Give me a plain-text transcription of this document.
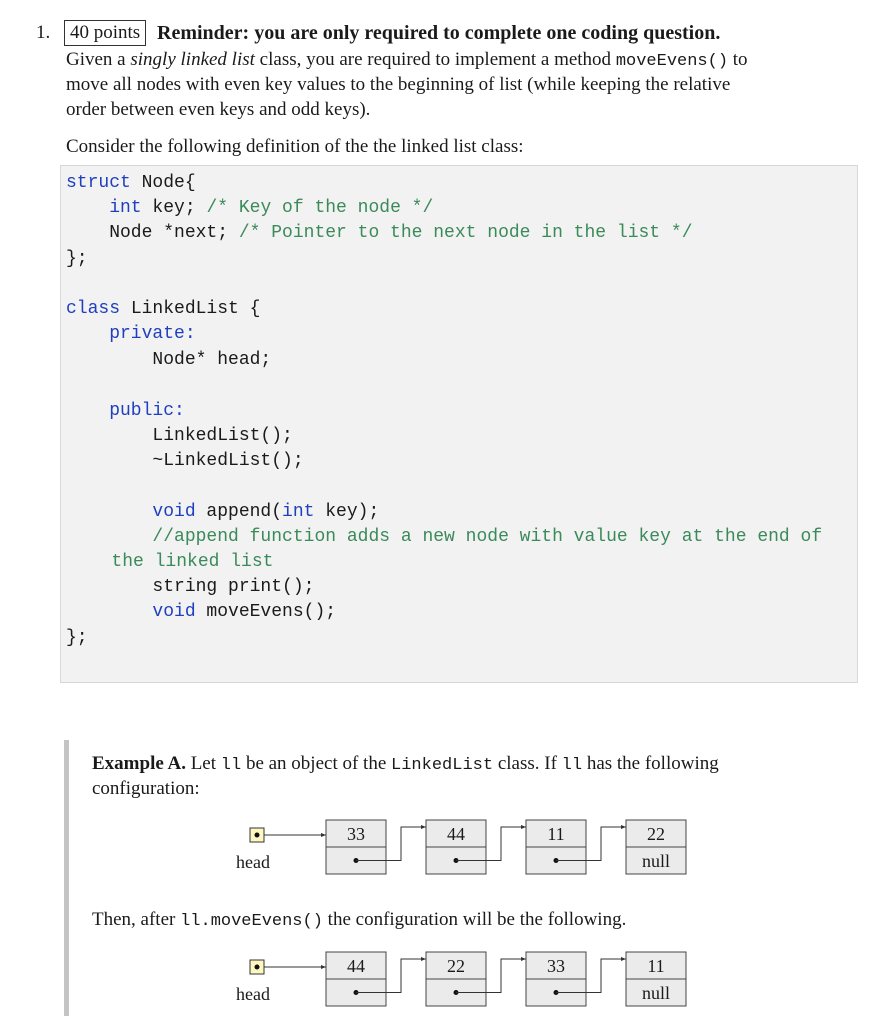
1.	40 points Reminder: you are only required to complete one coding question.
Given a singly linked list class, you are required to implement a method moveEvens() to
move all nodes with even key values to the beginning of list (while keeping the relative
order between even keys and odd keys).
Consider the following definition of the the linked list class:
struct Node{
int key; /* Key of the node */
Node *next; /* Pointer to the next node in the list */
};
class LinkedList {
private:
Node* head;
public:
LinkedList();
~LinkedList();
void append(int key);
//append function adds a new node with value key at the end of
the linked list
string print();
void moveEvens();
};
Example A. Let ll be an object of the LinkedList class. If ll has the following
configuration:
Then, after ll.moveEvens() the configuration will be the following.
head
33	44	11	22
null
head
44	22	33	11
null
